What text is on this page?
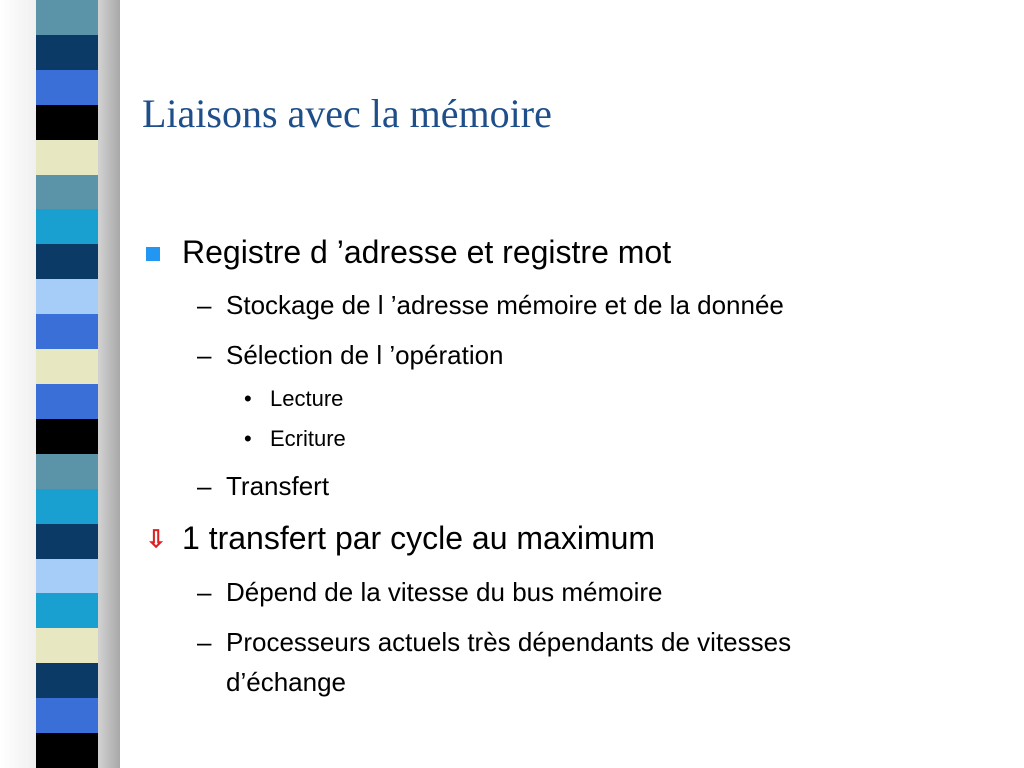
Liaisons avec la mémoire
Registre d ’adresse et registre mot
– Stockage de l ’adresse mémoire et de la donnée
– Sélection de l ’opération
• Lecture
• Ecriture
– Transfert
⇩ 1 transfert par cycle au maximum
– Dépend de la vitesse du bus mémoire
– Processeurs actuels très dépendants de vitesses
d’échange
